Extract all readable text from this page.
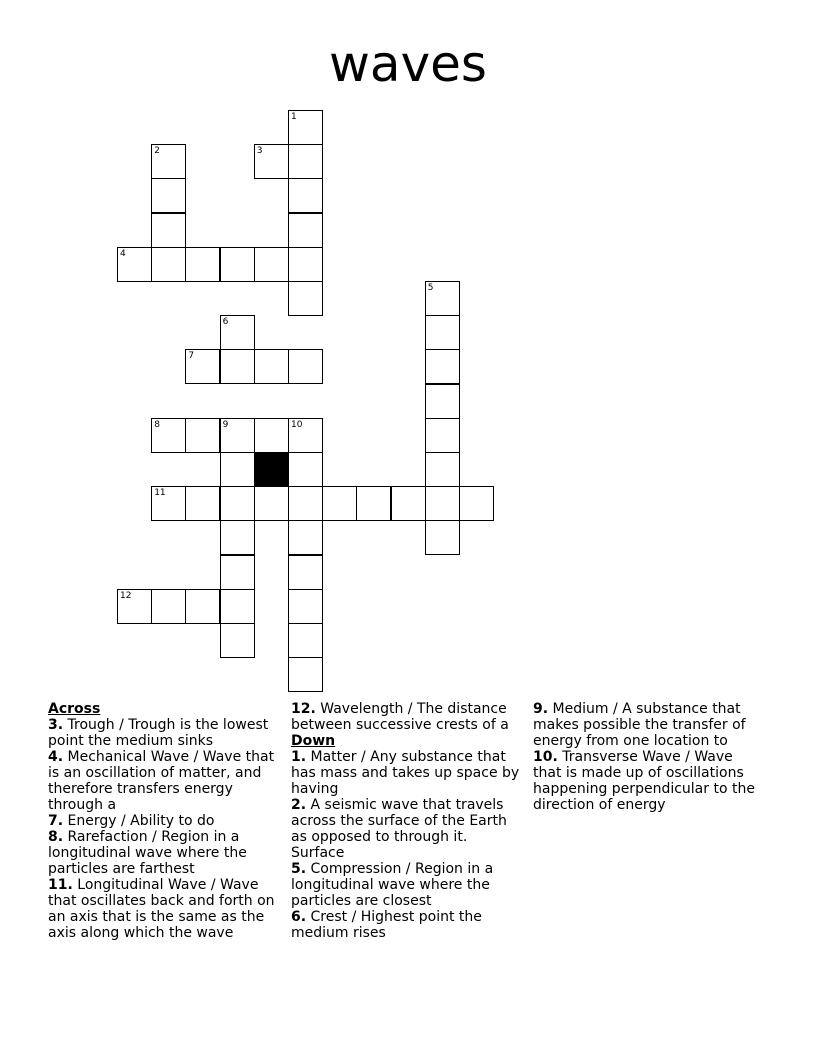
waves
1
2	3
4
5
6
7
8	9	10
11
12
Across
3. Trough / Trough is the lowest point the medium sinks
4. Mechanical Wave / Wave that is an oscillation of matter, and therefore transfers energy through a
7. Energy / Ability to do
8. Rarefaction / Region in a longitudinal wave where the particles are farthest
11. Longitudinal Wave / Wave that oscillates back and forth on an axis that is the same as the axis along which the wave
12. Wavelength / The distance between successive crests of a
Down
1. Matter / Any substance that has mass and takes up space by having
2. A seismic wave that travels across the surface of the Earth as opposed to through it. Surface
5. Compression / Region in a longitudinal wave where the particles are closest
6. Crest / Highest point the medium rises
9. Medium / A substance that makes possible the transfer of energy from one location to
10. Transverse Wave / Wave that is made up of oscillations happening perpendicular to the direction of energy
